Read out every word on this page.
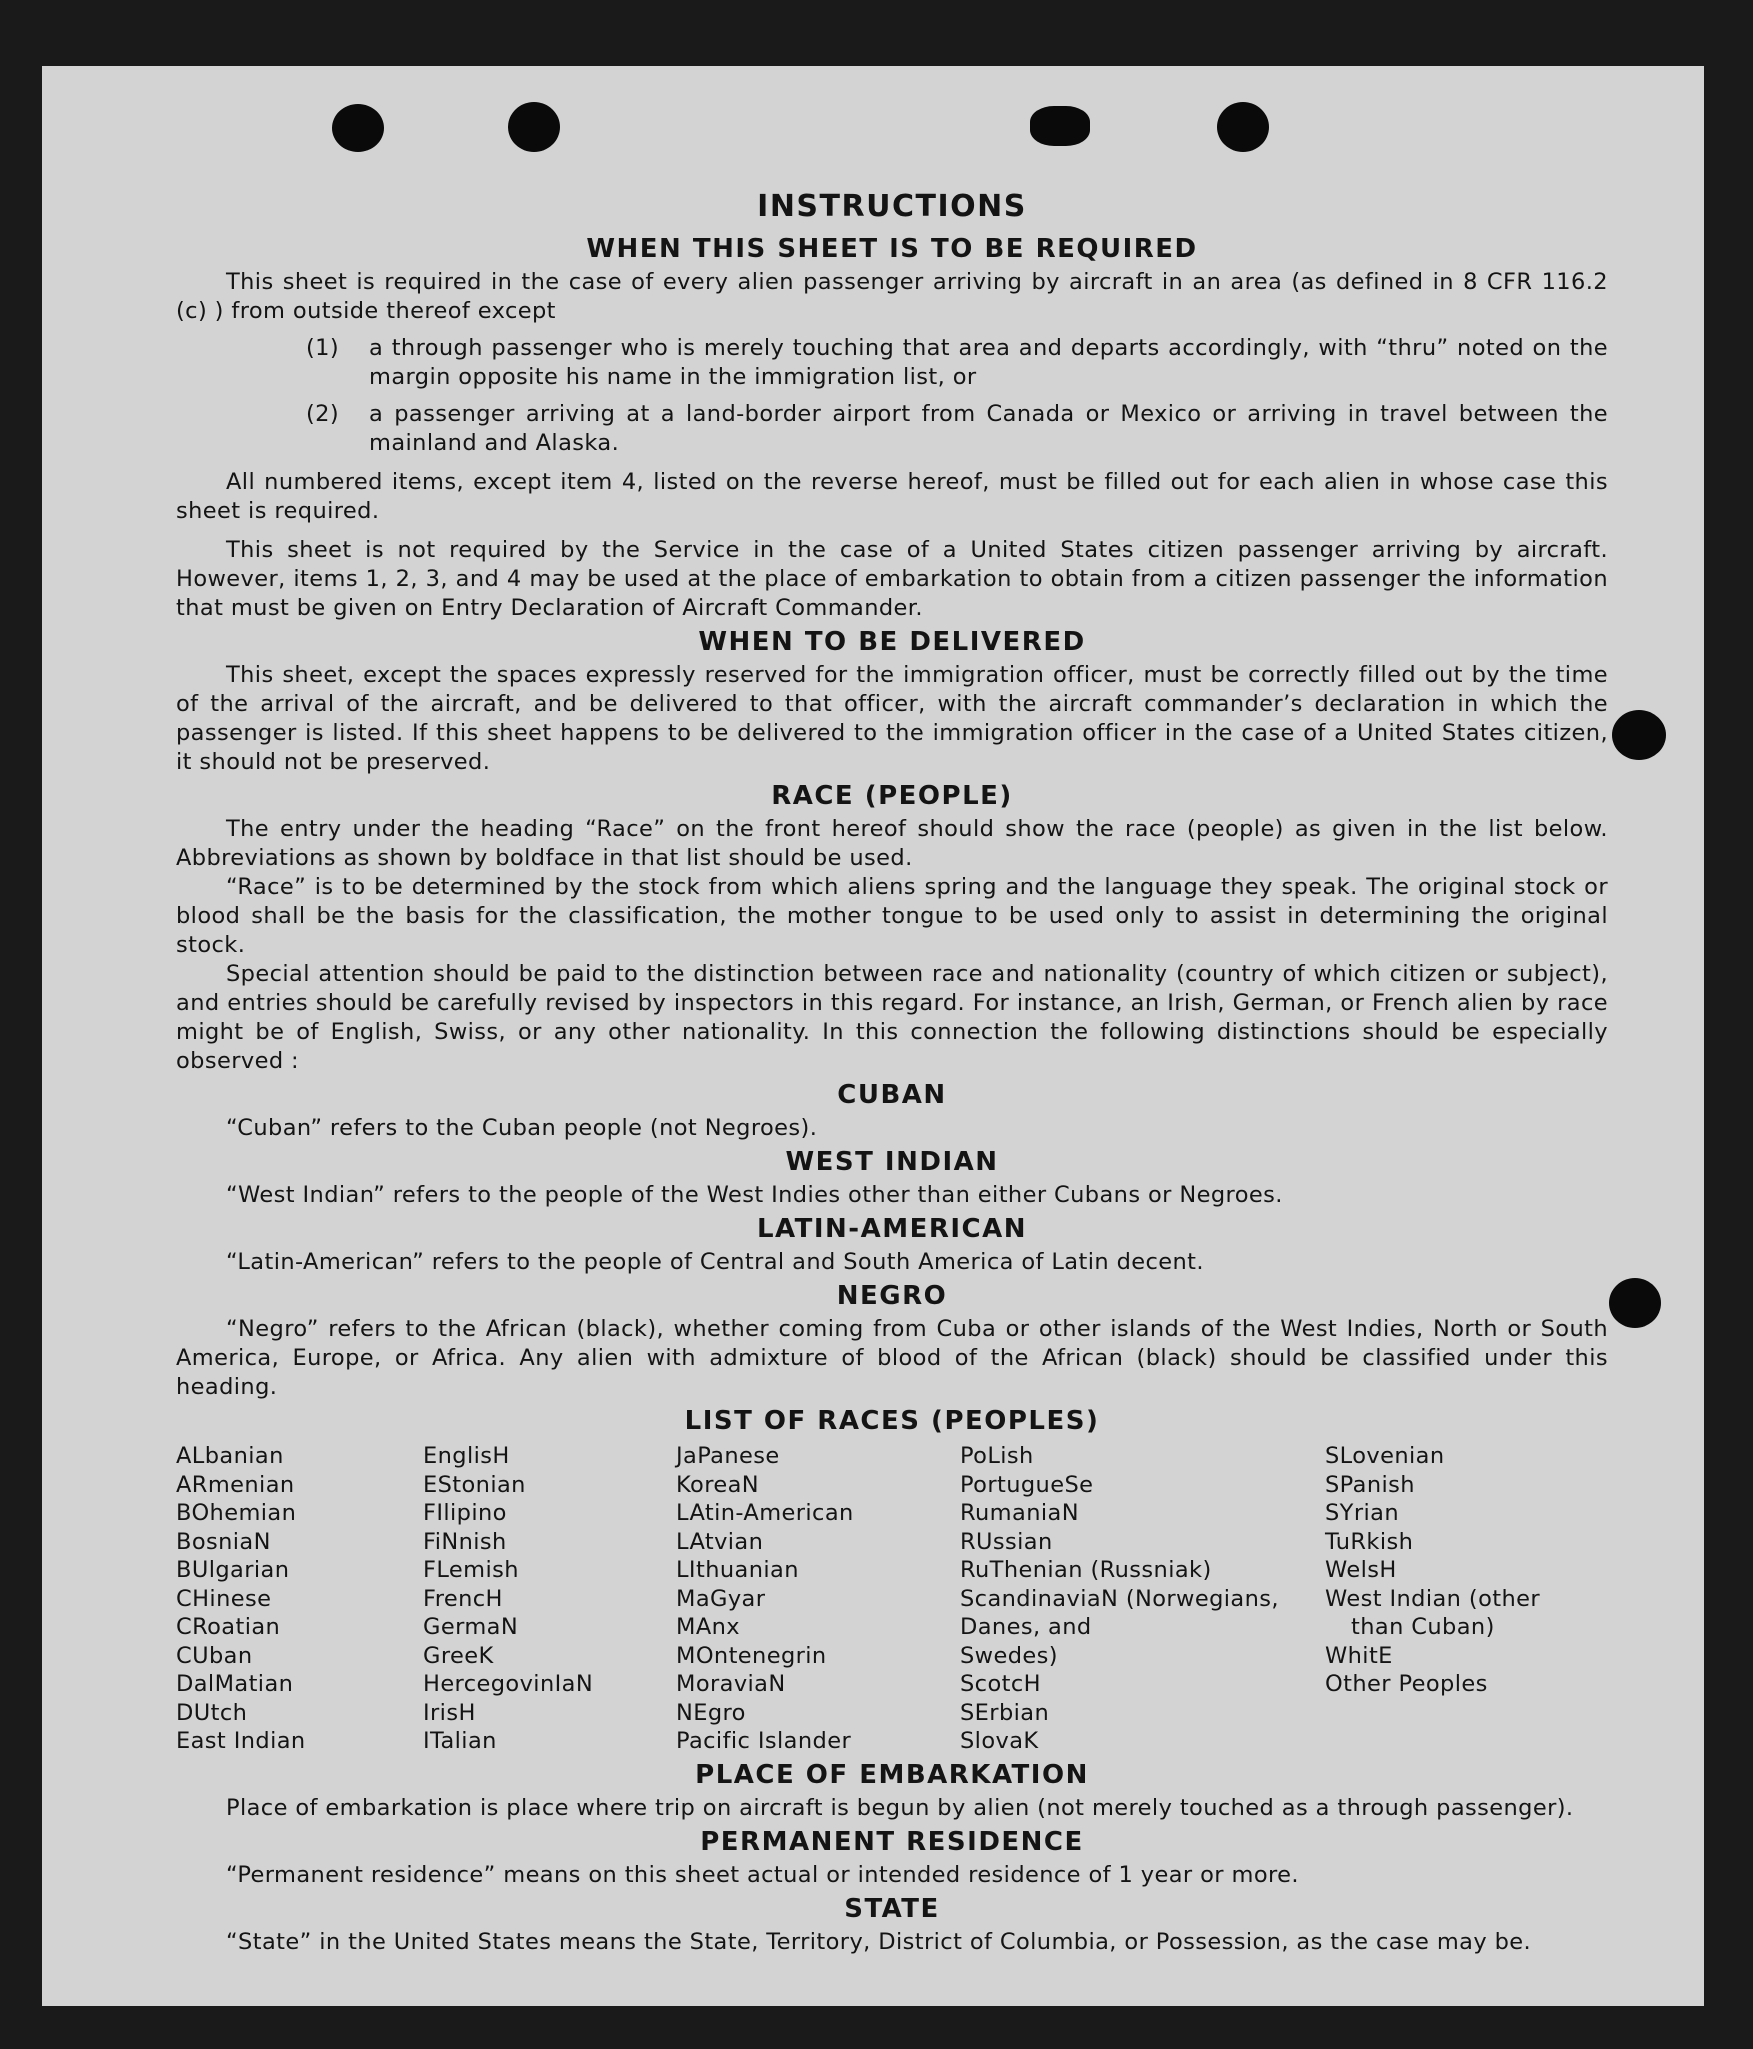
INSTRUCTIONS
WHEN THIS SHEET IS TO BE REQUIRED

This sheet is required in the case of every alien passenger arriving by aircraft in an area (as defined in 8 CFR 116.2 (c) ) from outside thereof except

(1)	a through passenger who is merely touching that area and departs accordingly, with “thru” noted on the margin opposite his name in the immigration list, or
(2)	a passenger arriving at a land-border airport from Canada or Mexico or arriving in travel between the mainland and Alaska.

All numbered items, except item 4, listed on the reverse hereof, must be filled out for each alien in whose case this sheet is required.

This sheet is not required by the Service in the case of a United States citizen passenger arriving by aircraft. However, items 1, 2, 3, and 4 may be used at the place of embarkation to obtain from a citizen passenger the information that must be given on Entry Declaration of Aircraft Commander.

WHEN TO BE DELIVERED

This sheet, except the spaces expressly reserved for the immigration officer, must be correctly filled out by the time of the arrival of the aircraft, and be delivered to that officer, with the aircraft commander’s declaration in which the passenger is listed. If this sheet happens to be delivered to the immigration officer in the case of a United States citizen, it should not be preserved.

RACE (PEOPLE)

The entry under the heading “Race” on the front hereof should show the race (people) as given in the list below. Abbreviations as shown by boldface in that list should be used.

“Race” is to be determined by the stock from which aliens spring and the language they speak. The original stock or blood shall be the basis for the classification, the mother tongue to be used only to assist in determining the original stock.

Special attention should be paid to the distinction between race and nationality (country of which citizen or subject), and entries should be carefully revised by inspectors in this regard. For instance, an Irish, German, or French alien by race might be of English, Swiss, or any other nationality. In this connection the following distinctions should be especially observed :

CUBAN

“Cuban” refers to the Cuban people (not Negroes).

WEST INDIAN

“West Indian” refers to the people of the West Indies other than either Cubans or Negroes.

LATIN-AMERICAN

“Latin-American” refers to the people of Central and South America of Latin decent.

NEGRO

“Negro” refers to the African (black), whether coming from Cuba or other islands of the West Indies, North or South America, Europe, or Africa. Any alien with admixture of blood of the African (black) should be classified under this heading.

LIST OF RACES (PEOPLES)
ALbanian
ARmenian
BOhemian
BosniaN
BUlgarian
CHinese
CRoatian
CUban
DalMatian
DUtch
East Indian
EnglisH
EStonian
FIlipino
FiNnish
FLemish
FrencH
GermaN
GreeK
HercegovinIaN
IrisH
ITalian
JaPanese
KoreaN
LAtin-American
LAtvian
LIthuanian
MaGyar
MAnx
MOntenegrin
MoraviaN
NEgro
Pacific Islander
PoLish
PortugueSe
RumaniaN
RUssian
RuThenian (Russniak)
ScandinaviaN (Norwegians,
Danes, and
Swedes)
ScotcH
SErbian
SlovaK
SLovenian
SPanish
SYrian
TuRkish
WelsH
West Indian (other
than Cuban)
WhitE
Other Peoples
PLACE OF EMBARKATION

Place of embarkation is place where trip on aircraft is begun by alien (not merely touched as a through passenger).

PERMANENT RESIDENCE

“Permanent residence” means on this sheet actual or intended residence of 1 year or more.

STATE

“State” in the United States means the State, Territory, District of Columbia, or Possession, as the case may be.
